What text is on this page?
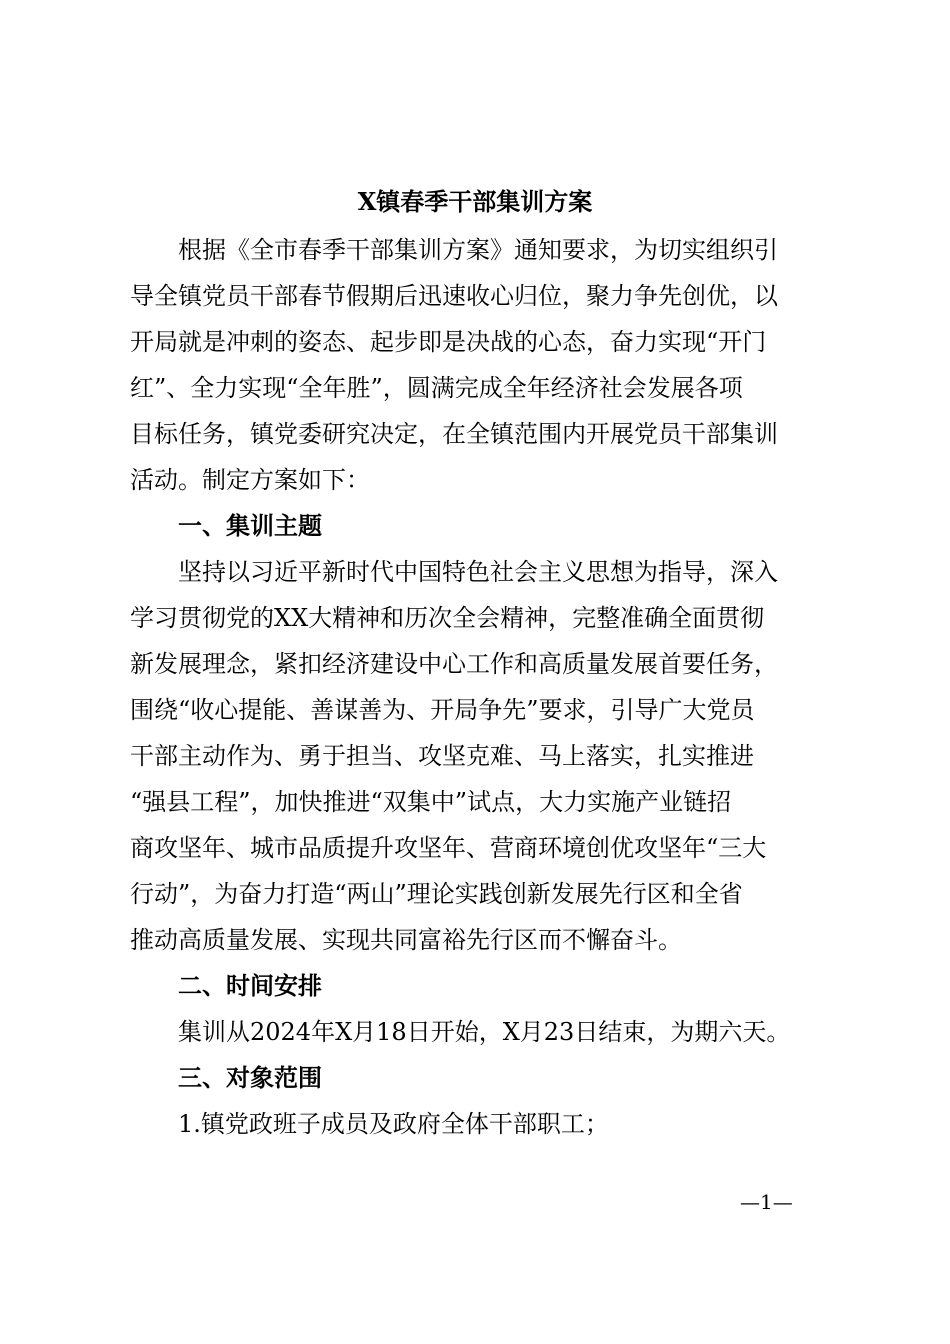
X镇春季干部集训方案
根据《全市春季干部集训方案》通知要求，为切实组织引
导全镇党员干部春节假期后迅速收心归位，聚力争先创优，以
开局就是冲刺的姿态、起步即是决战的心态，奋力实现“开门
红”、全力实现“全年胜”，圆满完成全年经济社会发展各项
目标任务，镇党委研究决定，在全镇范围内开展党员干部集训
活动。制定方案如下：
一、集训主题
坚持以习近平新时代中国特色社会主义思想为指导，深入
学习贯彻党的XX大精神和历次全会精神，完整准确全面贯彻
新发展理念，紧扣经济建设中心工作和高质量发展首要任务，
围绕“收心提能、善谋善为、开局争先”要求，引导广大党员
干部主动作为、勇于担当、攻坚克难、马上落实，扎实推进
“强县工程”，加快推进“双集中”试点，大力实施产业链招
商攻坚年、城市品质提升攻坚年、营商环境创优攻坚年“三大
行动”，为奋力打造“两山”理论实践创新发展先行区和全省
推动高质量发展、实现共同富裕先行区而不懈奋斗。
二、时间安排
集训从2024年X月18日开始，X月23日结束，为期六天。
三、对象范围
1.镇党政班子成员及政府全体干部职工；
—1—
